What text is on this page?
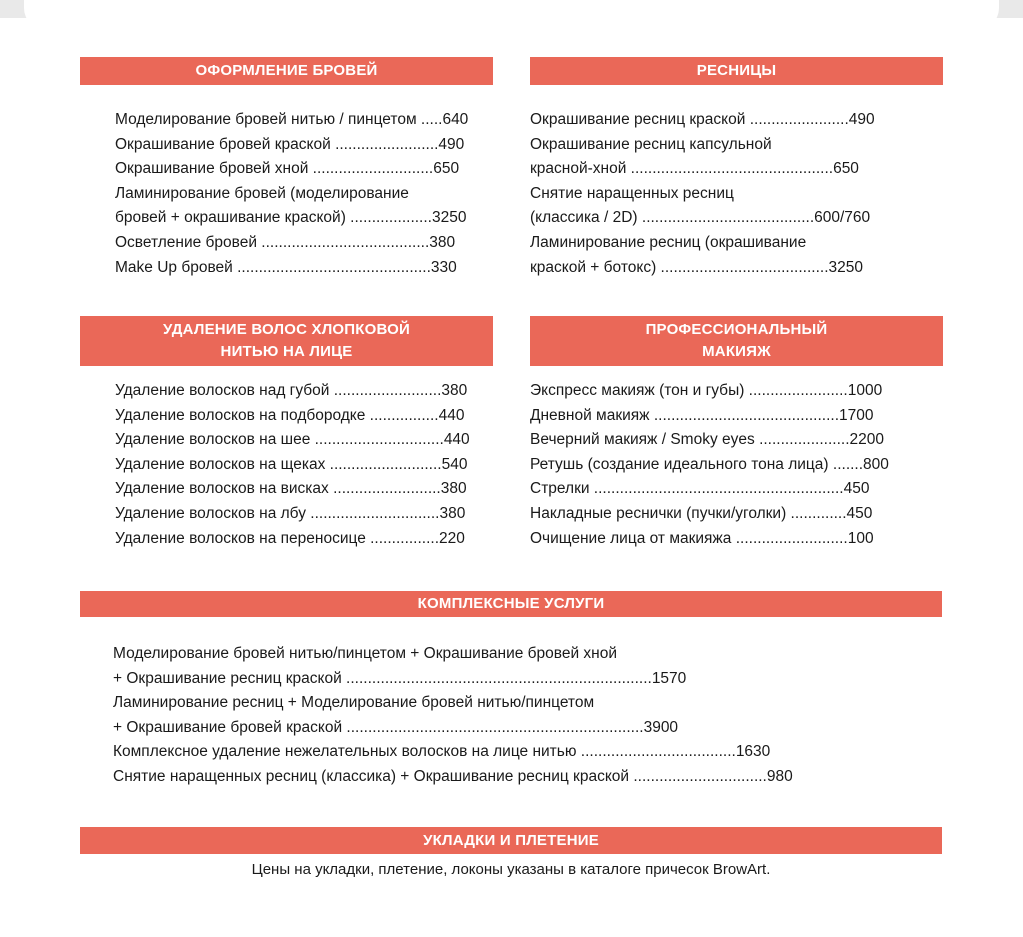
ОФОРМЛЕНИЕ БРОВЕЙ
Моделирование бровей нитью / пинцетом .....640
Окрашивание бровей краской ........................490
Окрашивание бровей хной ............................650
Ламинирование бровей (моделирование
бровей + окрашивание краской) ...................3250
Осветление бровей .......................................380
Make Up бровей .............................................330
РЕСНИЦЫ
Окрашивание ресниц краской .......................490
Окрашивание ресниц капсульной
красной-хной ...............................................650
Снятие наращенных ресниц
(классика / 2D) ........................................600/760
Ламинирование ресниц (окрашивание
краской + ботокс) .......................................3250
УДАЛЕНИЕ ВОЛОС ХЛОПКОВОЙ
НИТЬЮ НА ЛИЦЕ
Удаление волосков над губой .........................380
Удаление волосков на подбородке ................440
Удаление волосков на шее ..............................440
Удаление волосков на щеках ..........................540
Удаление волосков на висках .........................380
Удаление волосков на лбу ..............................380
Удаление волосков на переносице ................220
ПРОФЕССИОНАЛЬНЫЙ
МАКИЯЖ
Экспресс макияж (тон и губы) .......................1000
Дневной макияж ...........................................1700
Вечерний макияж / Smoky eyes .....................2200
Ретушь (создание идеального тона лица) .......800
Стрелки ..........................................................450
Накладные реснички (пучки/уголки) .............450
Очищение лица от макияжа ..........................100
КОМПЛЕКСНЫЕ УСЛУГИ
Моделирование бровей нитью/пинцетом + Окрашивание бровей хной
+ Окрашивание ресниц краской .......................................................................1570
Ламинирование ресниц + Моделирование бровей нитью/пинцетом
+ Окрашивание бровей краской .....................................................................3900
Комплексное удаление нежелательных волосков на лице нитью ....................................1630
Снятие наращенных ресниц (классика) + Окрашивание ресниц краской ...............................980
УКЛАДКИ И ПЛЕТЕНИЕ
Цены на укладки, плетение, локоны указаны в каталоге причесок BrowArt.
